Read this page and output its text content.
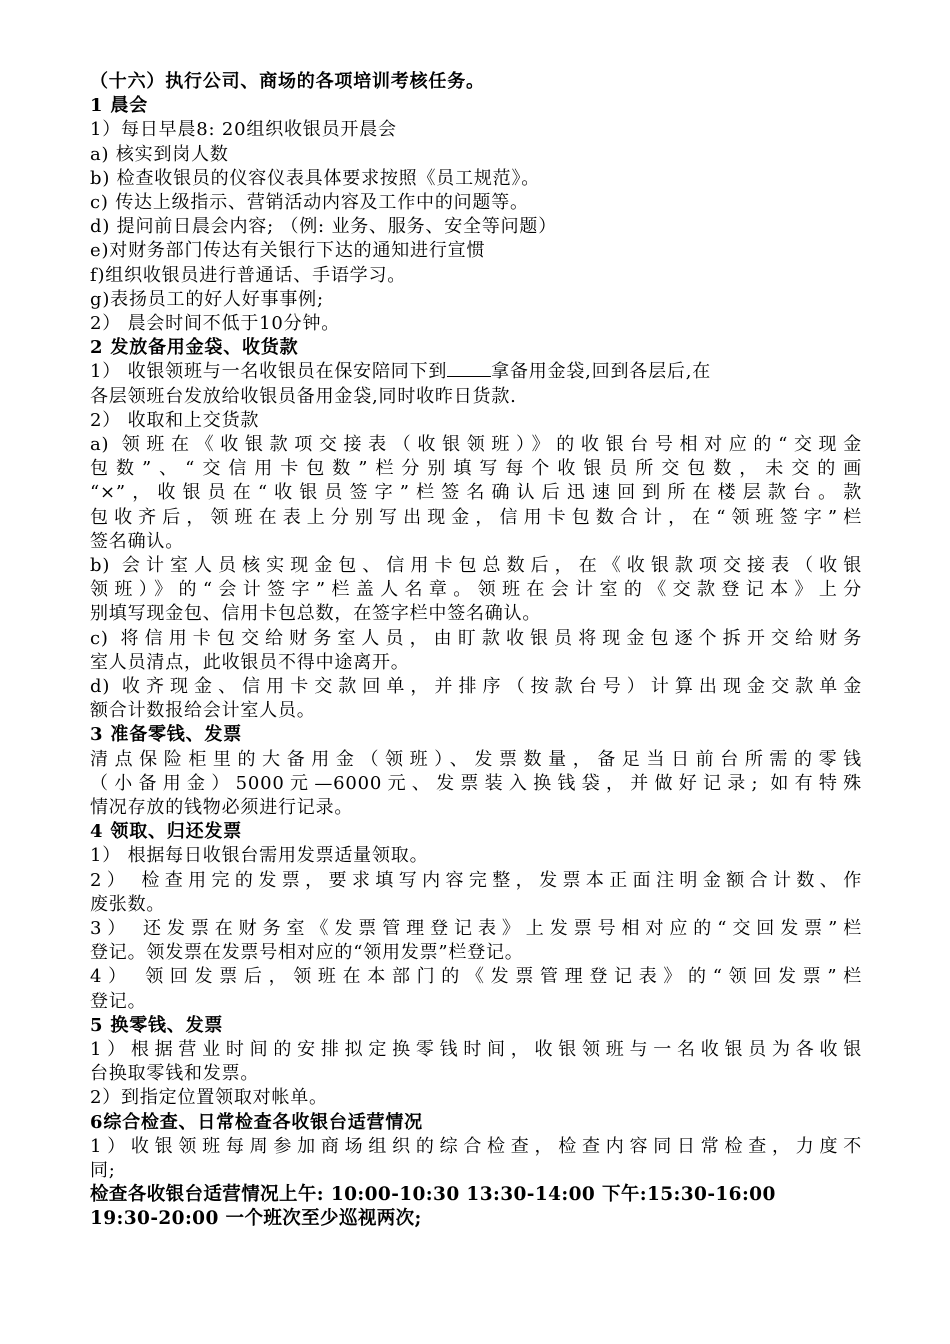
（十六）执行公司、商场的各项培训考核任务。
1 晨会
1）每日早晨8: 20组织收银员开晨会
a) 核实到岗人数
b) 检查收银员的仪容仪表具体要求按照《员工规范》。
c) 传达上级指示、营销活动内容及工作中的问题等。
d) 提问前日晨会内容; （例: 业务、服务、安全等问题）
e)对财务部门传达有关银行下达的通知进行宣惯
f)组织收银员进行普通话、手语学习。
g)表扬员工的好人好事事例;
2） 晨会时间不低于10分钟。
2 发放备用金袋、收货款
1） 收银领班与一名收银员在保安陪同下到 拿备用金袋,回到各层后,在
各层领班台发放给收银员备用金袋,同时收昨日货款.
2） 收取和上交货款
a) 领班在《收银款项交接表（收银领班）》的收银台号相对应的“交现金
包数”、“交信用卡包数”栏分别填写每个收银员所交包数，未交的画
“×”，收银员在“收银员签字”栏签名确认后迅速回到所在楼层款台。款
包收齐后，领班在表上分别写出现金，信用卡包数合计，在“领班签字”栏
签名确认。
b) 会计室人员核实现金包、信用卡包总数后，在《收银款项交接表（收银
领班）》的“会计签字”栏盖人名章。领班在会计室的《交款登记本》上分
别填写现金包、信用卡包总数，在签字栏中签名确认。
c) 将信用卡包交给财务室人员，由盯款收银员将现金包逐个拆开交给财务
室人员清点，此收银员不得中途离开。
d) 收齐现金、信用卡交款回单，并排序（按款台号）计算出现金交款单金
额合计数报给会计室人员。
3 准备零钱、发票
清点保险柜里的大备用金（领班）、发票数量，备足当日前台所需的零钱
（小备用金）5000元—6000元、发票装入换钱袋，并做好记录; 如有特殊
情况存放的钱物必须进行记录。
4 领取、归还发票
1） 根据每日收银台需用发票适量领取。
2） 检查用完的发票，要求填写内容完整，发票本正面注明金额合计数、作
废张数。
3） 还发票在财务室《发票管理登记表》上发票号相对应的“交回发票”栏
登记。领发票在发票号相对应的“领用发票”栏登记。
4） 领回发票后，领班在本部门的《发票管理登记表》的“领回发票”栏
登记。
5 换零钱、发票
1）根据营业时间的安排拟定换零钱时间，收银领班与一名收银员为各收银
台换取零钱和发票。
2）到指定位置领取对帐单。
6综合检查、日常检查各收银台适营情况
1）收银领班每周参加商场组织的综合检查，检查内容同日常检查，力度不
同;
检查各收银台适营情况上午: 10:00-10:30 13:30-14:00 下午:15:30-16:00
19:30-20:00 一个班次至少巡视两次;
